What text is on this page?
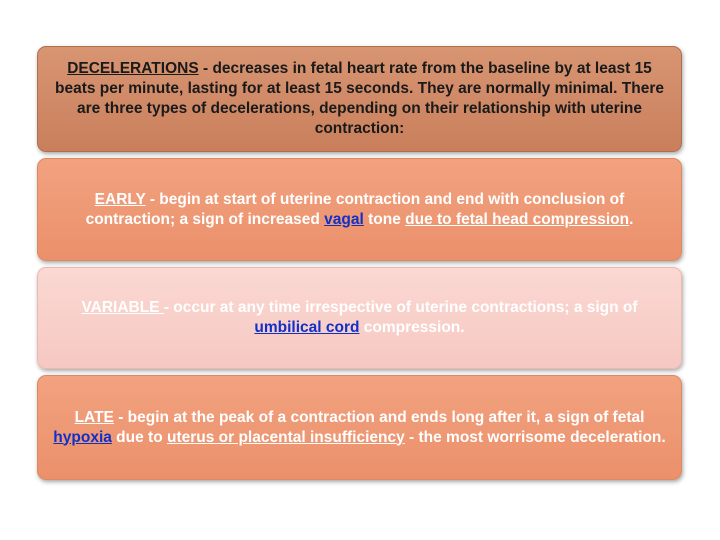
DECELERATIONS - decreases in fetal heart rate from the baseline by at least 15 beats per minute, lasting for at least 15 seconds. They are normally minimal. There are three types of decelerations, depending on their relationship with uterine contraction:

EARLY - begin at start of uterine contraction and end with conclusion of contraction; a sign of increased vagal tone due to fetal head compression.

VARIABLE - occur at any time irrespective of uterine contractions; a sign of
umbilical cord compression.

LATE - begin at the peak of a contraction and ends long after it, a sign of fetal hypoxia due to uterus or placental insufficiency - the most worrisome deceleration.
